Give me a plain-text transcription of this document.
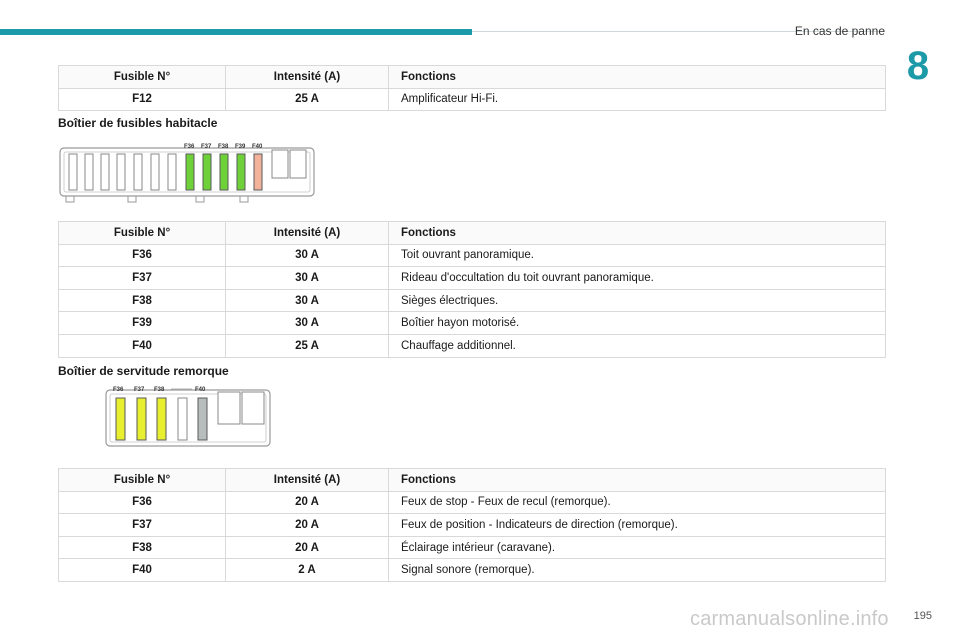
En cas de panne
8
Fusible N°	Intensité (A)	Fonctions
F12	25 A	Amplificateur Hi-Fi.
Boîtier de fusibles habitacle
F36 F37 F38 F39 F40
Fusible N°	Intensité (A)	Fonctions
F36	30 A	Toit ouvrant panoramique.
F37	30 A	Rideau d'occultation du toit ouvrant panoramique.
F38	30 A	Sièges électriques.
F39	30 A	Boîtier hayon motorisé.
F40	25 A	Chauffage additionnel.
Boîtier de servitude remorque
F36 F37 F38	F40
Fusible N°	Intensité (A)	Fonctions
F36	20 A	Feux de stop - Feux de recul (remorque).
F37	20 A	Feux de position - Indicateurs de direction (remorque).
F38	20 A	Éclairage intérieur (caravane).
F40	2 A	Signal sonore (remorque).
carmanualsonline.info 195
